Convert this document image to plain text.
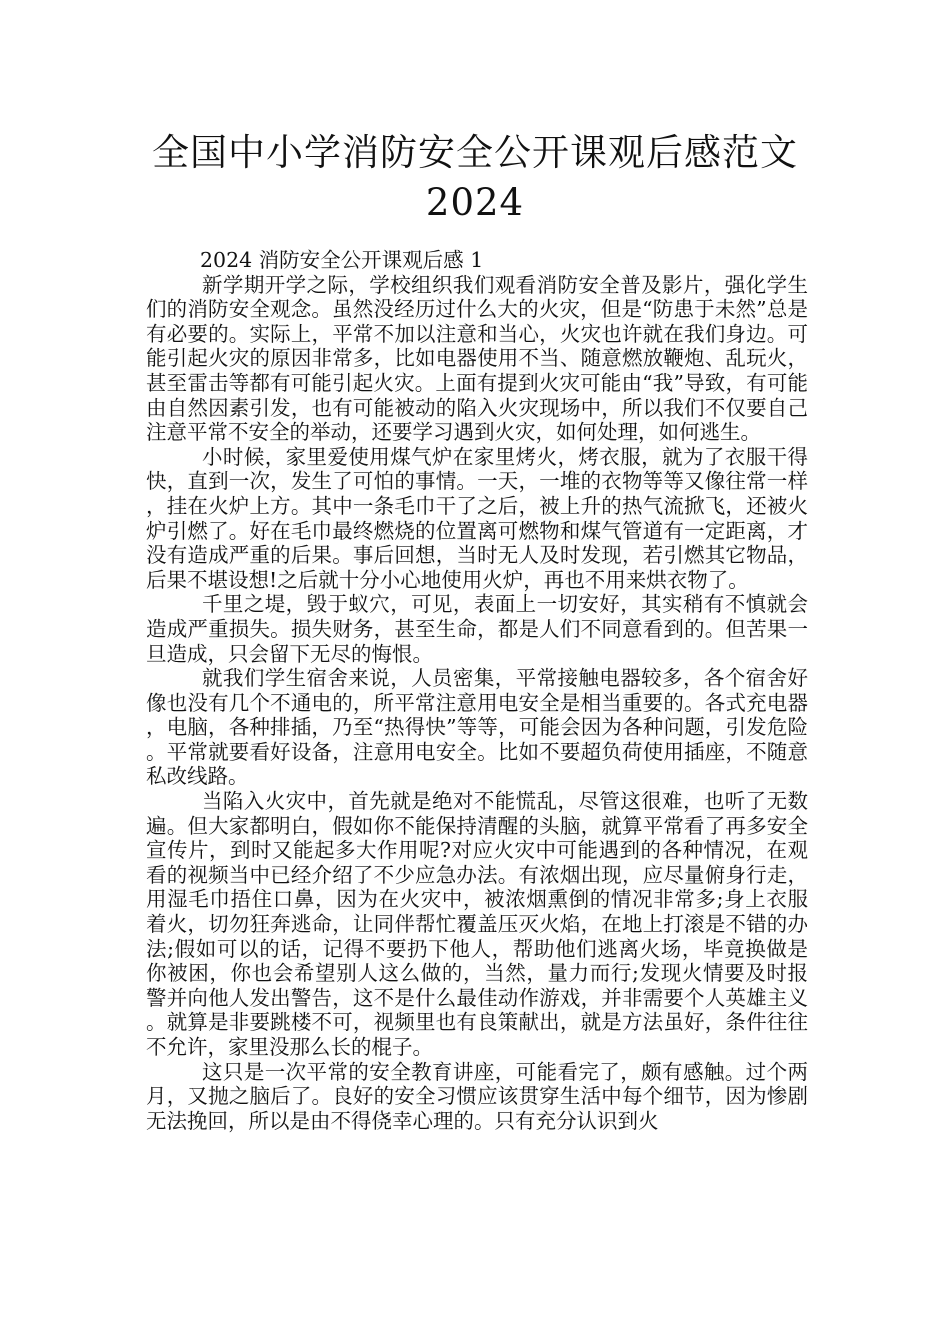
全国中小学消防安全公开课观后感范文
2024

2024 消防安全公开课观后感 1

新学期开学之际，学校组织我们观看消防安全普及影片，强化学生们的消防安全观念。虽然没经历过什么大的火灾，但是“防患于未然”总是有必要的。实际上，平常不加以注意和当心，火灾也许就在我们身边。可能引起火灾的原因非常多，比如电器使用不当、随意燃放鞭炮、乱玩火，甚至雷击等都有可能引起火灾。上面有提到火灾可能由“我”导致，有可能由自然因素引发，也有可能被动的陷入火灾现场中，所以我们不仅要自己注意平常不安全的举动，还要学习遇到火灾，如何处理，如何逃生。

小时候，家里爱使用煤气炉在家里烤火，烤衣服，就为了衣服干得快，直到一次，发生了可怕的事情。一天，一堆的衣物等等又像往常一样，挂在火炉上方。其中一条毛巾干了之后，被上升的热气流掀飞，还被火炉引燃了。好在毛巾最终燃烧的位置离可燃物和煤气管道有一定距离，才没有造成严重的后果。事后回想，当时无人及时发现，若引燃其它物品，后果不堪设想!之后就十分小心地使用火炉，再也不用来烘衣物了。

千里之堤，毁于蚁穴，可见，表面上一切安好，其实稍有不慎就会造成严重损失。损失财务，甚至生命，都是人们不同意看到的。但苦果一旦造成，只会留下无尽的悔恨。

就我们学生宿舍来说，人员密集，平常接触电器较多，各个宿舍好像也没有几个不通电的，所平常注意用电安全是相当重要的。各式充电器，电脑，各种排插，乃至“热得快”等等，可能会因为各种问题，引发危险。平常就要看好设备，注意用电安全。比如不要超负荷使用插座，不随意私改线路。

当陷入火灾中，首先就是绝对不能慌乱，尽管这很难，也听了无数遍。但大家都明白，假如你不能保持清醒的头脑，就算平常看了再多安全宣传片，到时又能起多大作用呢?对应火灾中可能遇到的各种情况，在观看的视频当中已经介绍了不少应急办法。有浓烟出现，应尽量俯身行走，用湿毛巾捂住口鼻，因为在火灾中，被浓烟熏倒的情况非常多;身上衣服着火，切勿狂奔逃命，让同伴帮忙覆盖压灭火焰，在地上打滚是不错的办法;假如可以的话，记得不要扔下他人，帮助他们逃离火场，毕竟换做是你被困，你也会希望别人这么做的，当然，量力而行;发现火情要及时报警并向他人发出警告，这不是什么最佳动作游戏，并非需要个人英雄主义。就算是非要跳楼不可，视频里也有良策献出，就是方法虽好，条件往往不允许，家里没那么长的棍子。

这只是一次平常的安全教育讲座，可能看完了，颇有感触。过个两月，又抛之脑后了。良好的安全习惯应该贯穿生活中每个细节，因为惨剧无法挽回，所以是由不得侥幸心理的。只有充分认识到火
